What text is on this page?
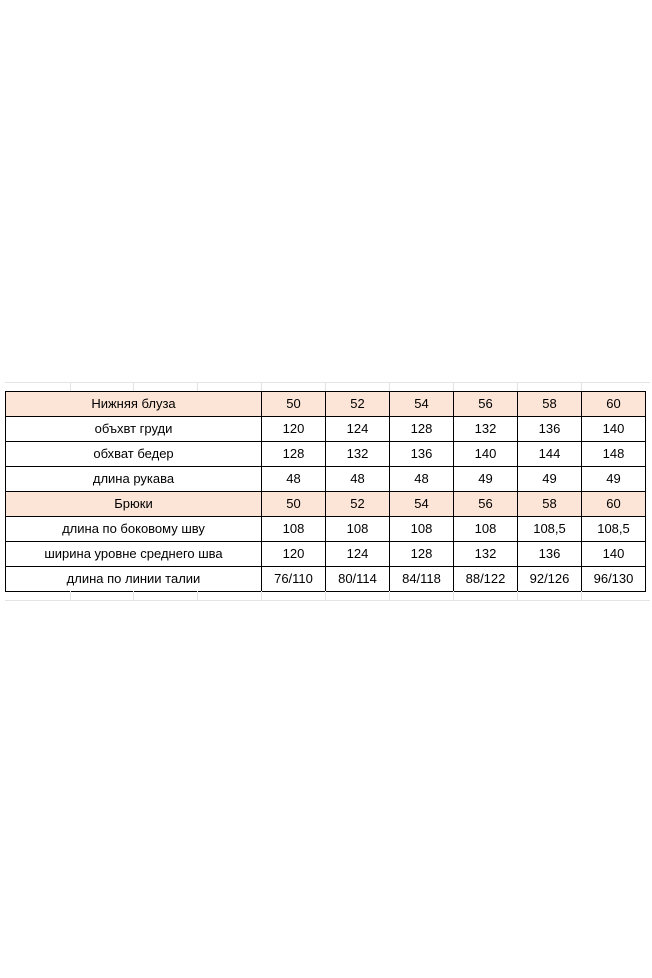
Нижняя блуза	50	52	54	56	58	60
объхвт груди	120	124	128	132	136	140
обхват бедер	128	132	136	140	144	148
длина рукава	48	48	48	49	49	49
Брюки	50	52	54	56	58	60
длина по боковому шву	108	108	108	108	108,5	108,5
ширина уровне среднего шва	120	124	128	132	136	140
длина по линии талии	76/110	80/114	84/118	88/122	92/126	96/130
